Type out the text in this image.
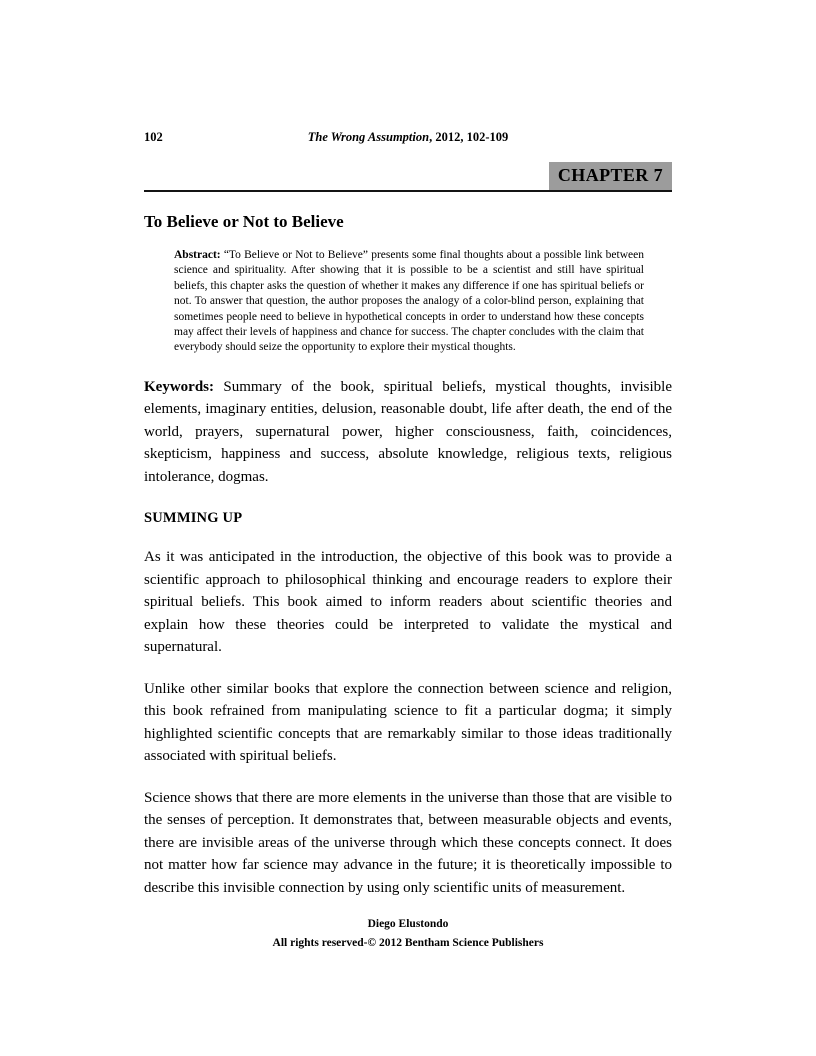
102	The Wrong Assumption, 2012, 102-109
CHAPTER 7
To Believe or Not to Believe

Abstract: “To Believe or Not to Believe” presents some final thoughts about a possible link between science and spirituality. After showing that it is possible to be a scientist and still have spiritual beliefs, this chapter asks the question of whether it makes any difference if one has spiritual beliefs or not. To answer that question, the author proposes the analogy of a color-blind person, explaining that sometimes people need to believe in hypothetical concepts in order to understand how these concepts may affect their levels of happiness and chance for success. The chapter concludes with the claim that everybody should seize the opportunity to explore their mystical thoughts.

Keywords: Summary of the book, spiritual beliefs, mystical thoughts, invisible elements, imaginary entities, delusion, reasonable doubt, life after death, the end of the world, prayers, supernatural power, higher consciousness, faith, coincidences, skepticism, happiness and success, absolute knowledge, religious texts, religious intolerance, dogmas.

SUMMING UP

As it was anticipated in the introduction, the objective of this book was to provide a scientific approach to philosophical thinking and encourage readers to explore their spiritual beliefs. This book aimed to inform readers about scientific theories and explain how these theories could be interpreted to validate the mystical and supernatural.

Unlike other similar books that explore the connection between science and religion, this book refrained from manipulating science to fit a particular dogma; it simply highlighted scientific concepts that are remarkably similar to those ideas traditionally associated with spiritual beliefs.

Science shows that there are more elements in the universe than those that are visible to the senses of perception. It demonstrates that, between measurable objects and events, there are invisible areas of the universe through which these concepts connect. It does not matter how far science may advance in the future; it is theoretically impossible to describe this invisible connection by using only scientific units of measurement.

Diego Elustondo
All rights reserved-© 2012 Bentham Science Publishers
